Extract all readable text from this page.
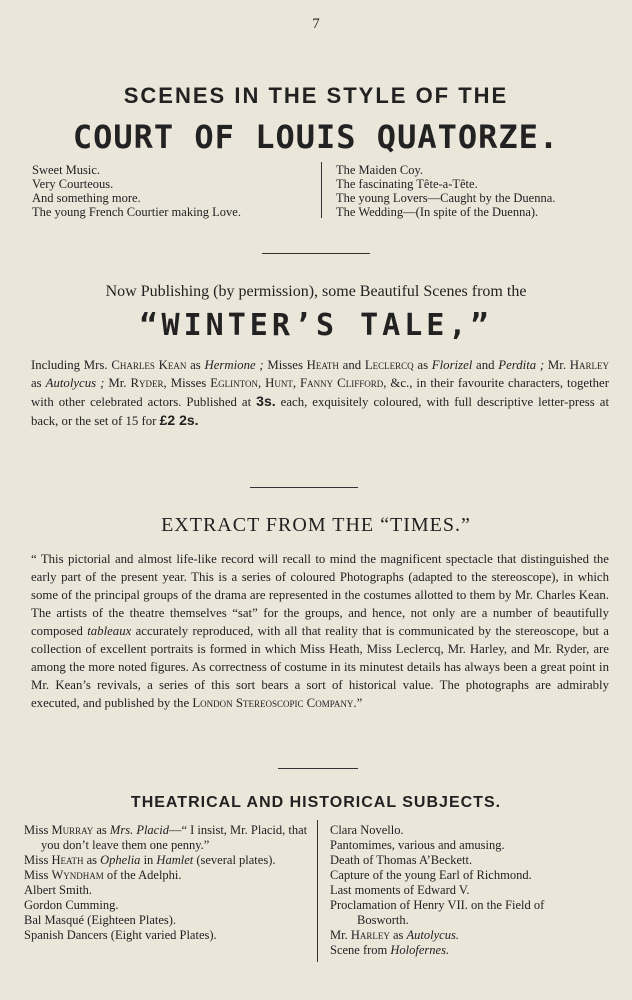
7
SCENES IN THE STYLE OF THE
COURT OF LOUIS QUATORZE.
Sweet Music.
Very Courteous.
And something more.
The young French Courtier making Love.
The Maiden Coy.
The fascinating Tête-a-Tête.
The young Lovers—Caught by the Duenna.
The Wedding—(In spite of the Duenna).
Now Publishing (by permission), some Beautiful Scenes from the
“WINTER’S TALE,”
Including Mrs. Charles Kean as Hermione ; Misses Heath and Leclercq as Florizel and Perdita ; Mr. Harley as Autolycus ; Mr. Ryder, Misses Eglinton, Hunt, Fanny Clifford, &c., in their favourite characters, together with other celebrated actors. Published at 3s. each, exquisitely coloured, with full descriptive letter-press at back, or the set of 15 for £2 2s.
EXTRACT FROM THE “TIMES.”
“ This pictorial and almost life-like record will recall to mind the magnificent spectacle that distinguished the early part of the present year. This is a series of coloured Photographs (adapted to the stereoscope), in which some of the principal groups of the drama are represented in the costumes allotted to them by Mr. Charles Kean. The artists of the theatre themselves “sat” for the groups, and hence, not only are a number of beautifully composed tableaux accurately reproduced, with all that reality that is communicated by the stereoscope, but a collection of excellent portraits is formed in which Miss Heath, Miss Leclercq, Mr. Harley, and Mr. Ryder, are among the more noted figures. As correctness of costume in its minutest details has always been a great point in Mr. Kean’s revivals, a series of this sort bears a sort of historical value. The photographs are admirably executed, and published by the London Stereoscopic Company.”
THEATRICAL AND HISTORICAL SUBJECTS.
Miss Murray as Mrs. Placid—“ I insist, Mr. Placid, that you don’t leave them one penny.”
Miss Heath as Ophelia in Hamlet (several plates).
Miss Wyndham of the Adelphi.
Albert Smith.
Gordon Cumming.
Bal Masqué (Eighteen Plates).
Spanish Dancers (Eight varied Plates).
Clara Novello.
Pantomimes, various and amusing.
Death of Thomas A’Beckett.
Capture of the young Earl of Richmond.
Last moments of Edward V.
Proclamation of Henry VII. on the Field of
Bosworth.
Mr. Harley as Autolycus.
Scene from Holofernes.
